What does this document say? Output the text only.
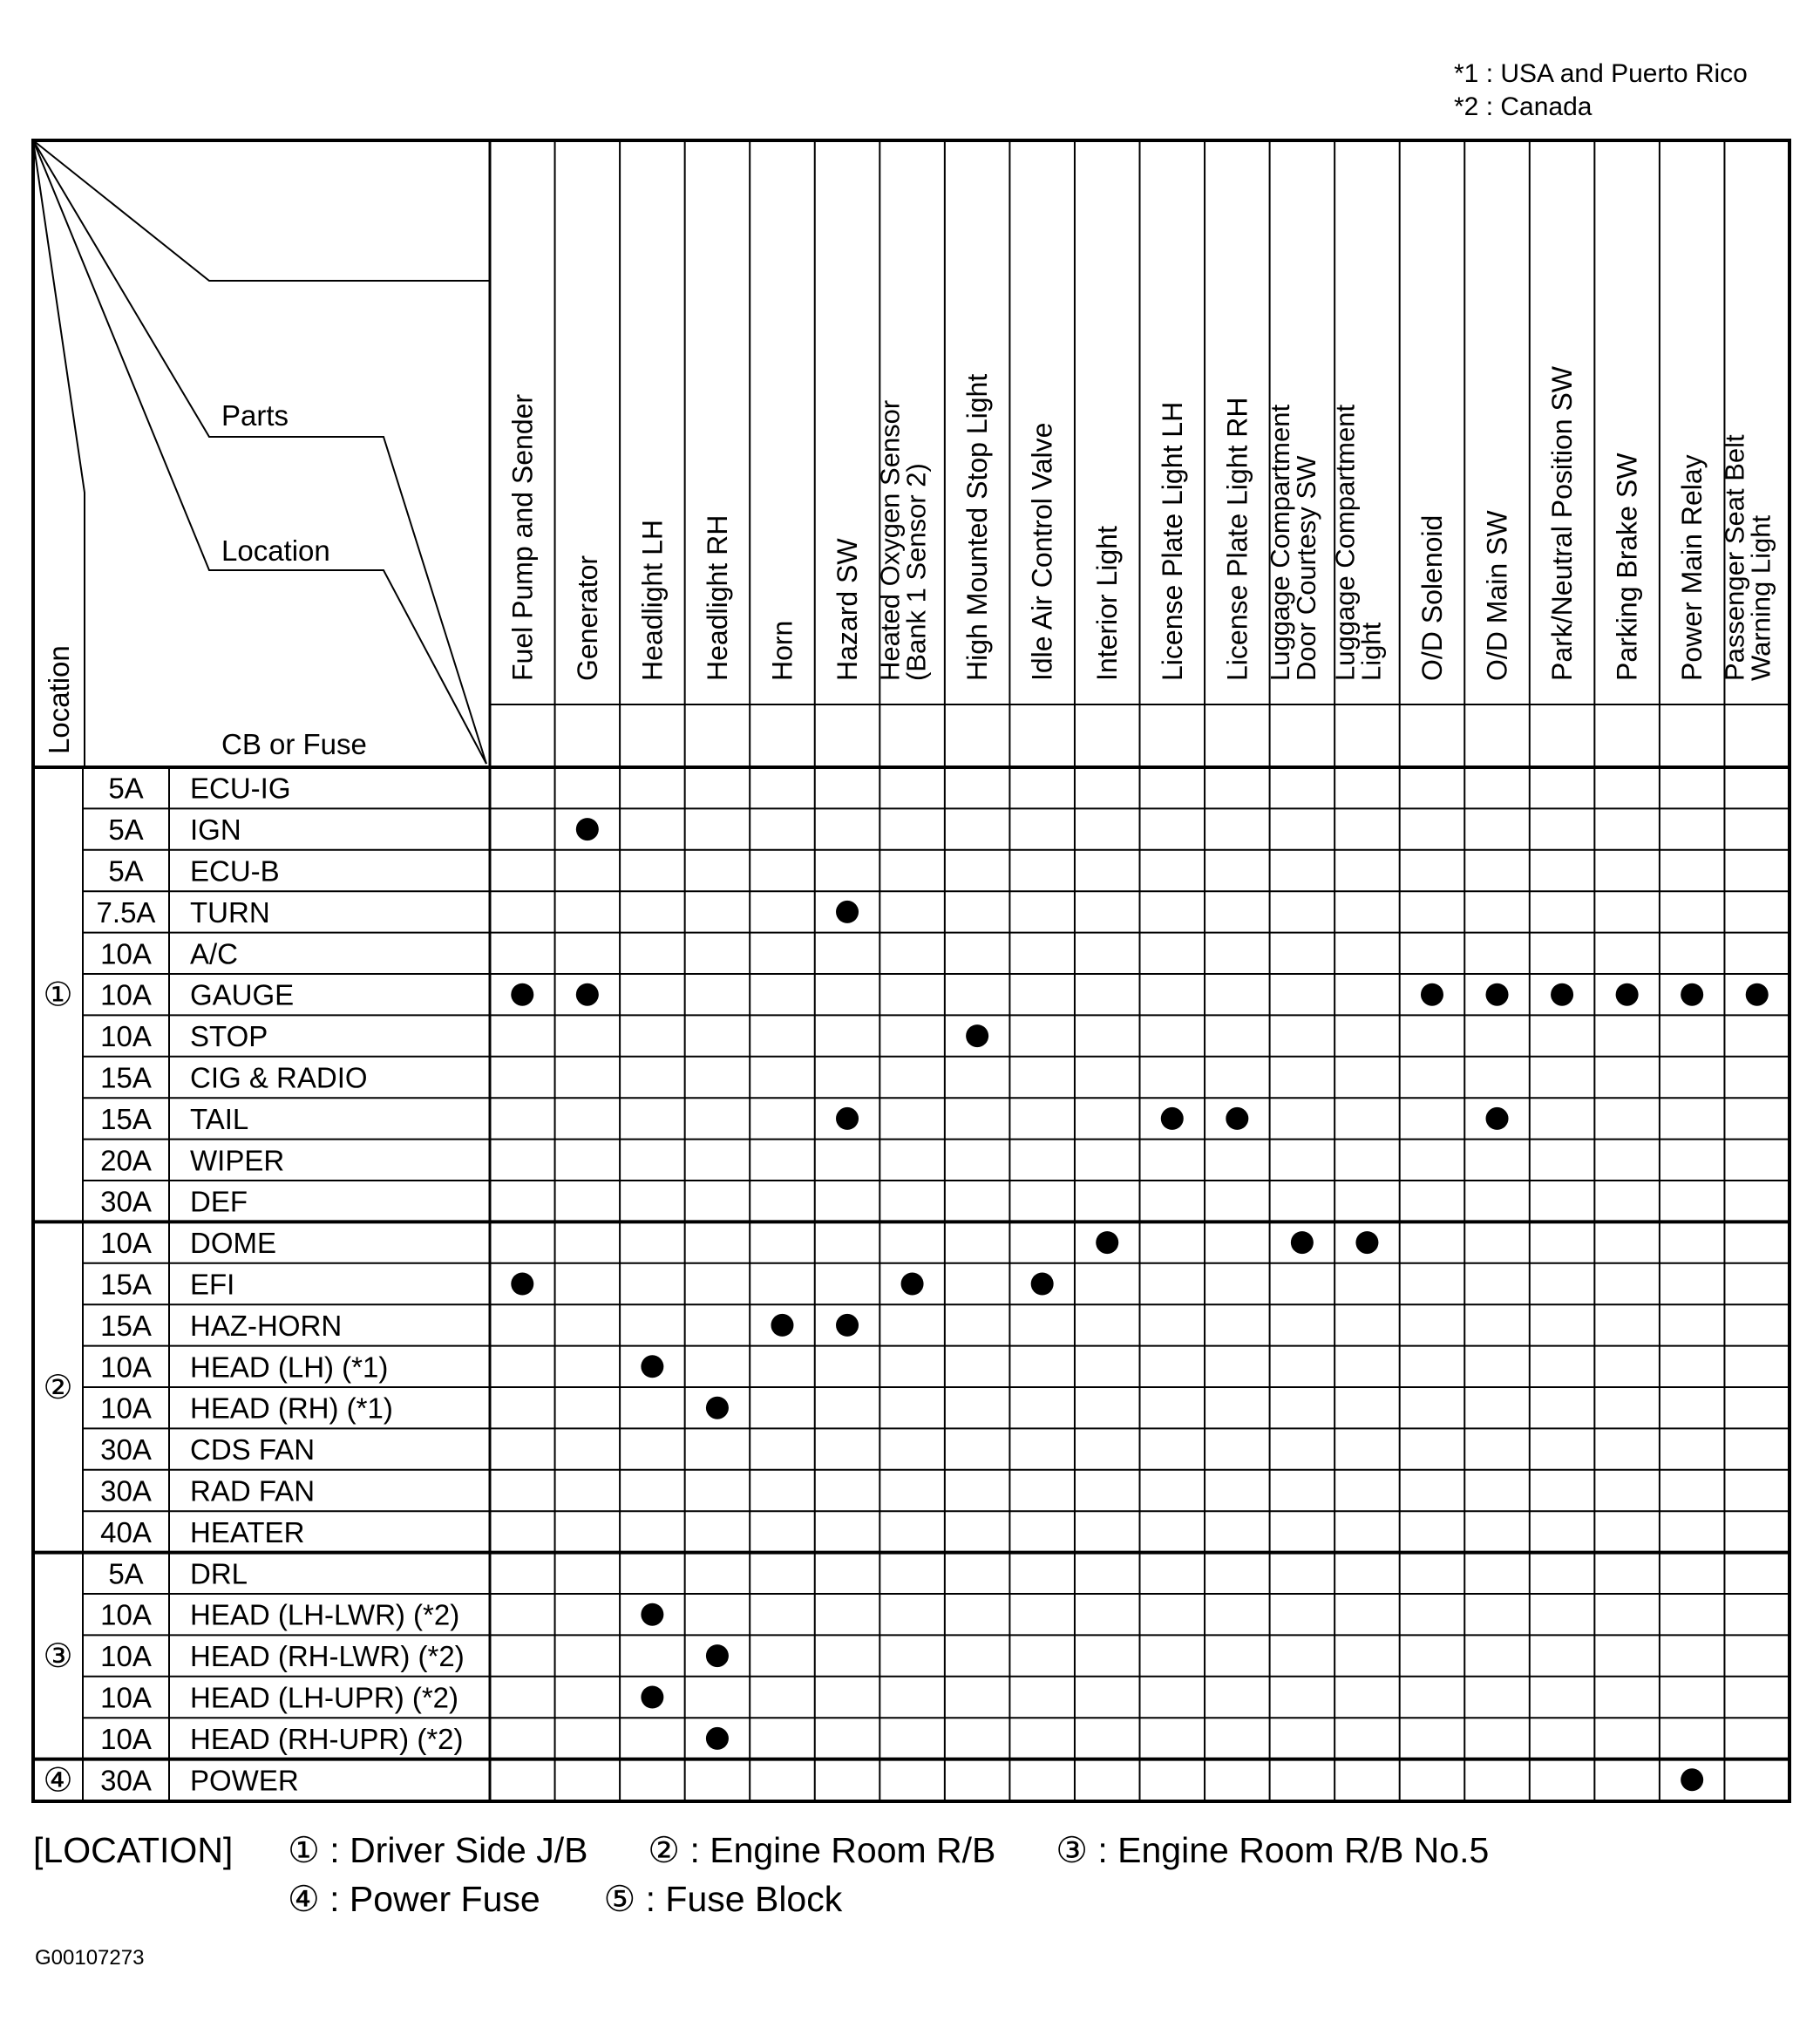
*1 : USA and Puerto Rico
*2 : Canada
Parts
Location
CB or Fuse
Location
Fuel Pump and Sender Generator Headlight LH Headlight RH Horn Hazard SW Heated Oxygen Sensor
(Bank 1 Sensor 2) High Mounted Stop Light Idle Air Control Valve Interior Light License Plate Light LH License Plate Light RH Luggage Compartment
Door Courtesy SW Luggage Compartment
Light O/D Solenoid O/D Main SW Park/Neutral Position SW Parking Brake SW Power Main Relay Passenger Seat Belt
Warning Light
5A ECU-IG
5A IGN
5A ECU-B
7.5A TURN
10A A/C
10A GAUGE
10A STOP
15A CIG & RADIO
15A TAIL
20A WIPER
30A DEF
①
10A DOME
15A EFI
15A HAZ-HORN
10A HEAD (LH) (*1)
10A HEAD (RH) (*1)
30A CDS FAN
30A RAD FAN
40A HEATER
②
5A DRL
10A HEAD (LH-LWR) (*2)
10A HEAD (RH-LWR) (*2)
10A HEAD (LH-UPR) (*2)
10A HEAD (RH-UPR) (*2)
③
30A POWER
④
[LOCATION] ① : Driver Side J/B ② : Engine Room R/B ③ : Engine Room R/B No.5
④ : Power Fuse ⑤ : Fuse Block
G00107273
